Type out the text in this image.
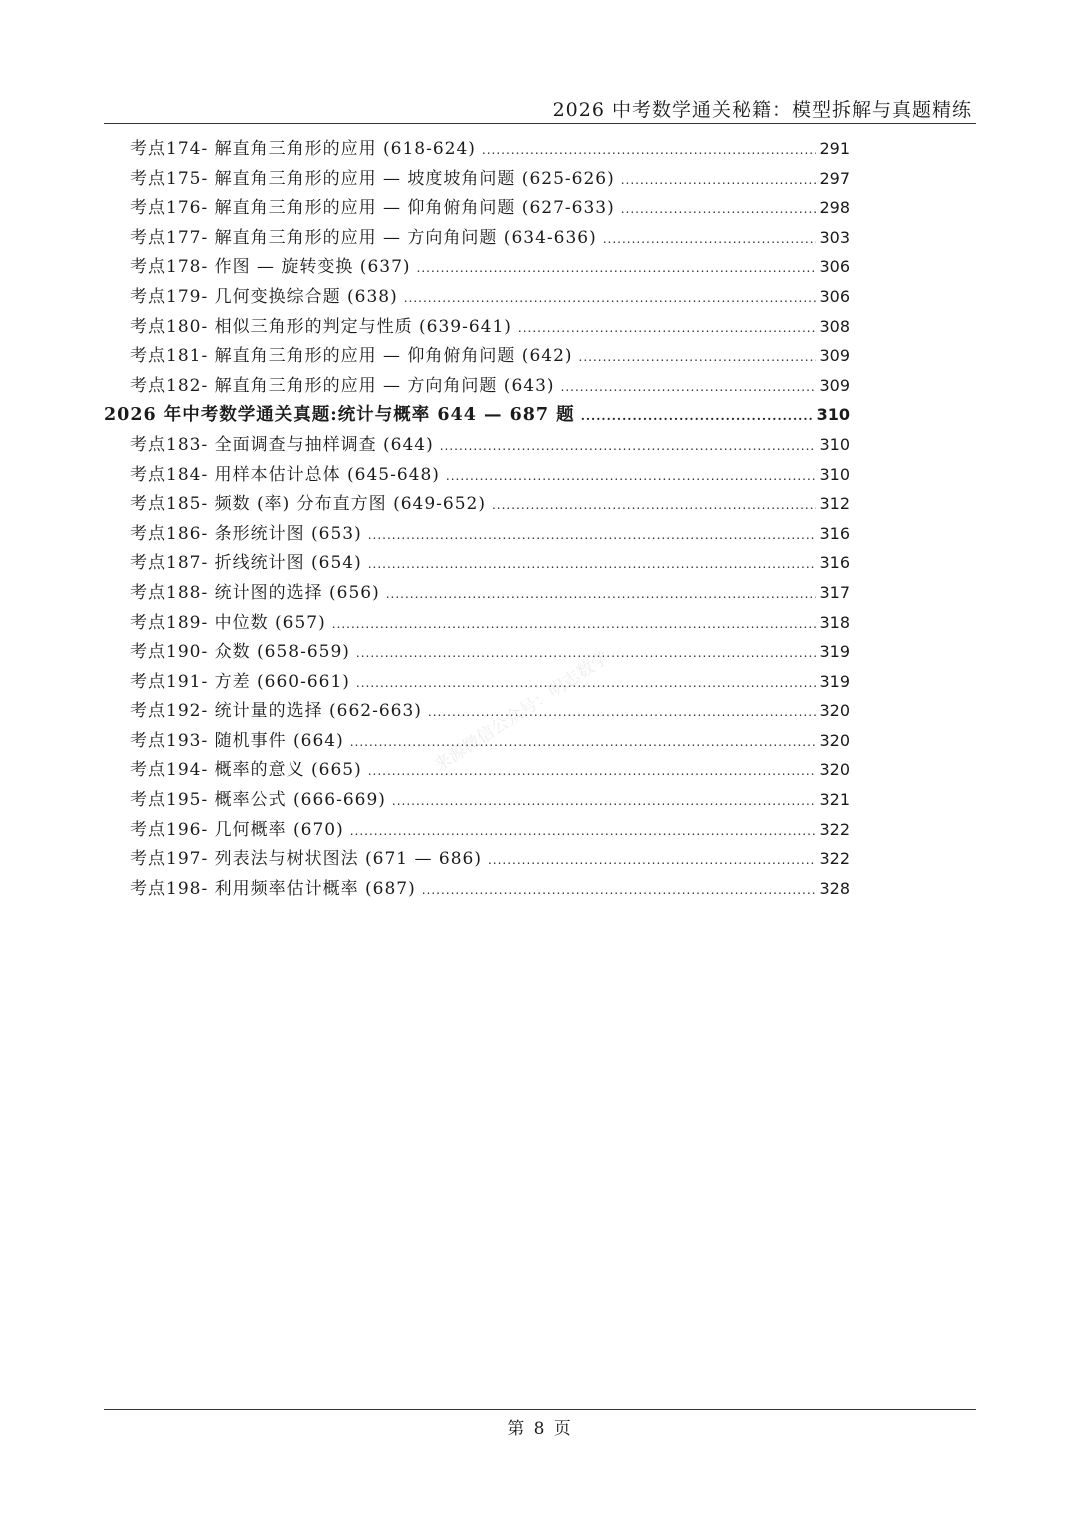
2026 中考数学通关秘籍：模型拆解与真题精练
考点174- 解直角三角形的应用 (618-624) .....	291
考点175- 解直角三角形的应用 — 坡度坡角问题 (625-626) .....	297
考点176- 解直角三角形的应用 — 仰角俯角问题 (627-633) .....	298
考点177- 解直角三角形的应用 — 方向角问题 (634-636) .....	303
考点178- 作图 — 旋转变换 (637) .....	306
考点179- 几何变换综合题 (638) .....	306
考点180- 相似三角形的判定与性质 (639-641) .....	308
考点181- 解直角三角形的应用 — 仰角俯角问题 (642) .....	309
考点182- 解直角三角形的应用 — 方向角问题 (643) .....	309
2026 年中考数学通关真题:统计与概率 644 — 687 题 .....	310
考点183- 全面调查与抽样调查 (644) .....	310
考点184- 用样本估计总体 (645-648) .....	310
考点185- 频数 (率) 分布直方图 (649-652) .....	312
考点186- 条形统计图 (653) .....	316
考点187- 折线统计图 (654) .....	316
考点188- 统计图的选择 (656) .....	317
考点189- 中位数 (657) .....	318
考点190- 众数 (658-659) .....	319
考点191- 方差 (660-661) .....	319
考点192- 统计量的选择 (662-663) .....	320
考点193- 随机事件 (664) .....	320
考点194- 概率的意义 (665) .....	320
考点195- 概率公式 (666-669) .....	321
考点196- 几何概率 (670) .....	322
考点197- 列表法与树状图法 (671 — 686) .....	322
考点198- 利用频率估计概率 (687) .....	328
来源微信公众号：明志数学
第 8 页
